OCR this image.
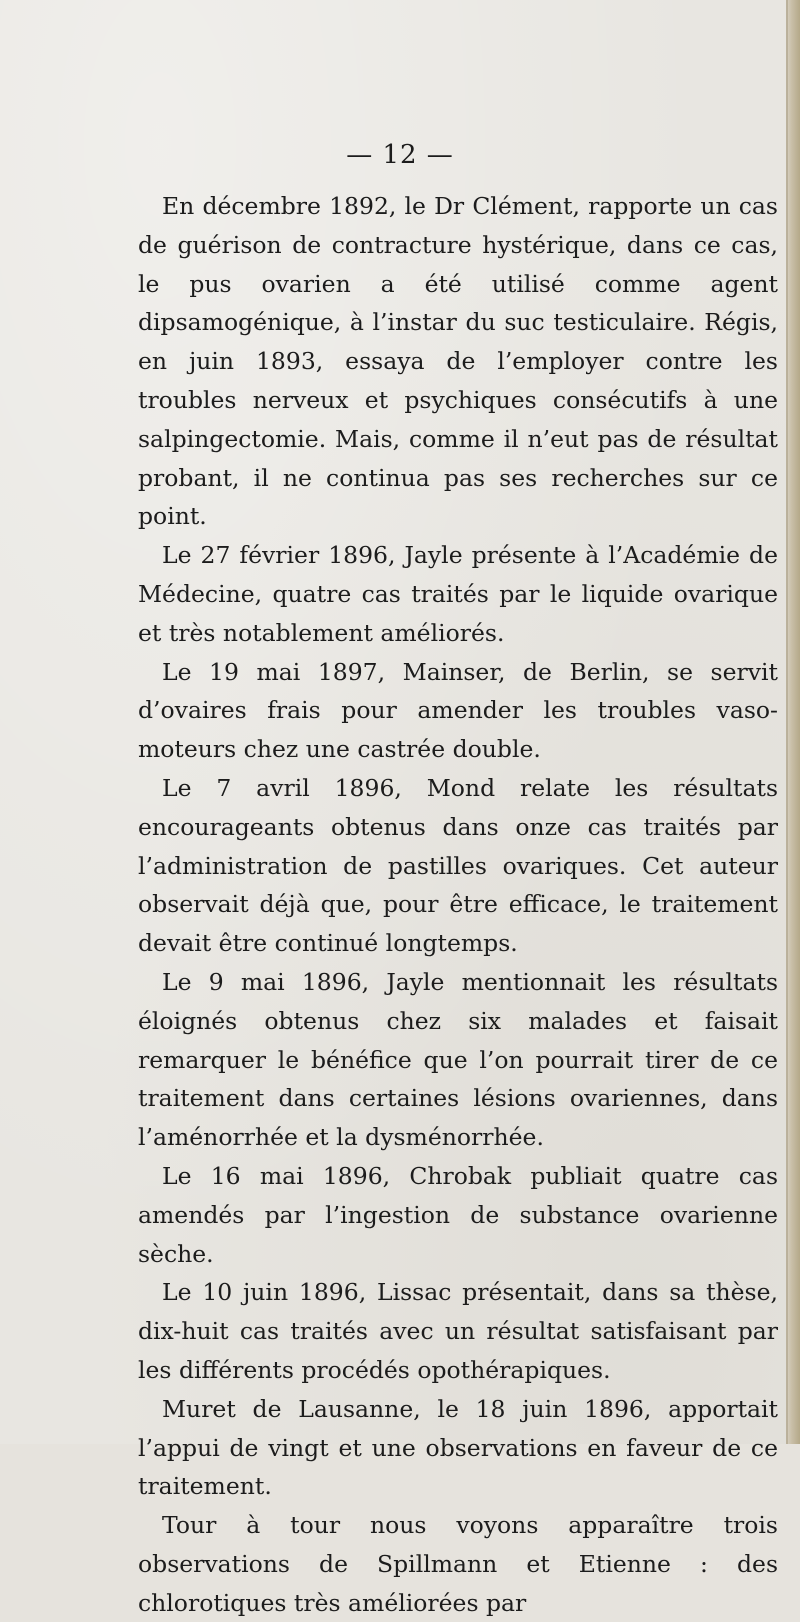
— 12 —

En décembre 1892, le Dr Clément, rapporte un cas de guérison de contracture hystérique, dans ce cas, le pus ovarien a été utilisé comme agent dipsamogénique, à l’instar du suc testiculaire. Régis, en juin 1893, essaya de l’employer contre les troubles nerveux et psychiques consécutifs à une salpingectomie. Mais, comme il n’eut pas de résultat probant, il ne continua pas ses recherches sur ce point.

Le 27 février 1896, Jayle présente à l’Académie de Médecine, quatre cas traités par le liquide ovarique et très notablement améliorés.

Le 19 mai 1897, Mainser, de Berlin, se servit d’ovaires frais pour amender les troubles vaso-moteurs chez une castrée double.

Le 7 avril 1896, Mond relate les résultats encourageants obtenus dans onze cas traités par l’administration de pastilles ovariques. Cet auteur observait déjà que, pour être efficace, le traitement devait être continué longtemps.

Le 9 mai 1896, Jayle mentionnait les résultats éloignés obtenus chez six malades et faisait remarquer le bénéfice que l’on pourrait tirer de ce traitement dans certaines lésions ovariennes, dans l’aménorrhée et la dysménorrhée.

Le 16 mai 1896, Chrobak publiait quatre cas amendés par l’ingestion de substance ovarienne sèche.

Le 10 juin 1896, Lissac présentait, dans sa thèse, dix-huit cas traités avec un résultat satisfaisant par les différents procédés opothérapiques.

Muret de Lausanne, le 18 juin 1896, apportait l’appui de vingt et une observations en faveur de ce traitement.

Tour à tour nous voyons apparaître trois observations de Spillmann et Etienne : des chlorotiques très améliorées par
